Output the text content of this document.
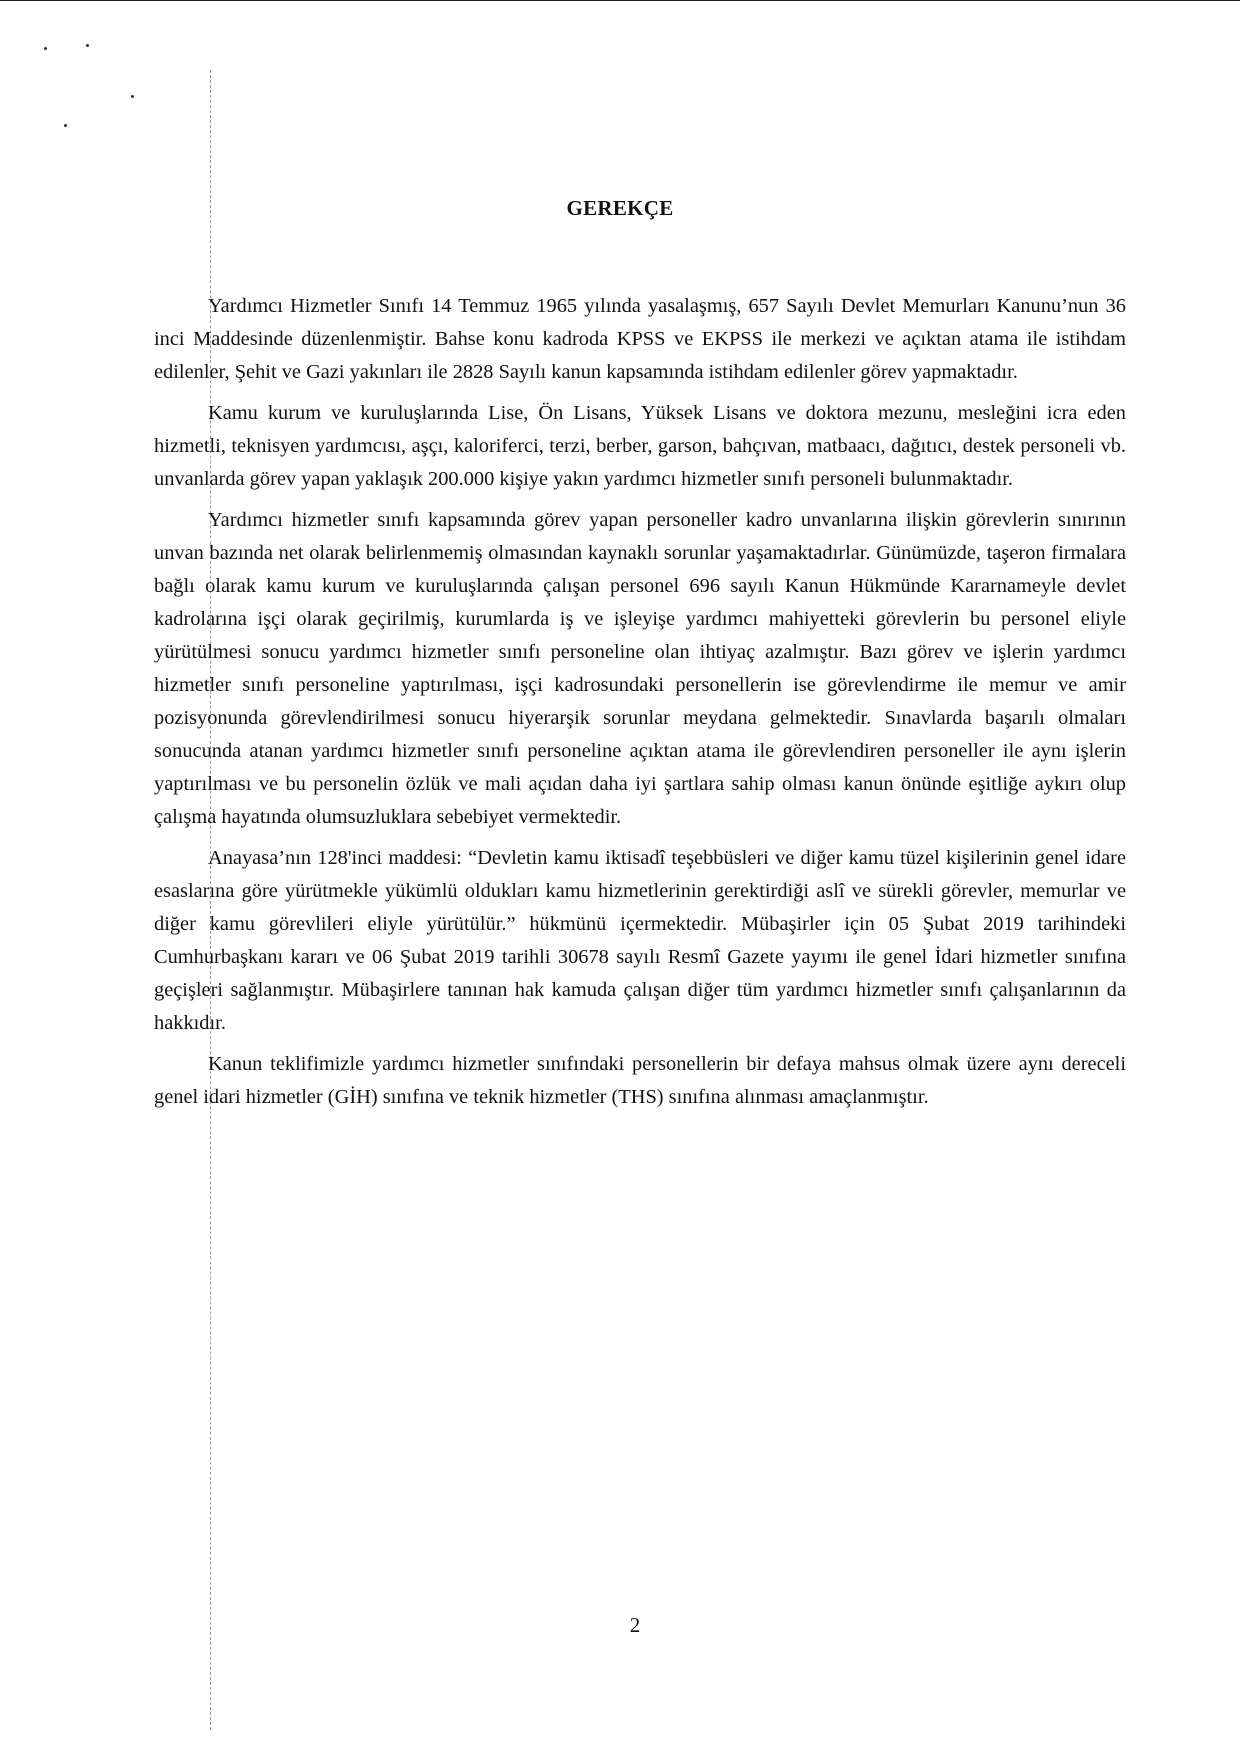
GEREKÇE

Yardımcı Hizmetler Sınıfı 14 Temmuz 1965 yılında yasalaşmış, 657 Sayılı Devlet Memurları Kanunu’nun 36 inci Maddesinde düzenlenmiştir. Bahse konu kadroda KPSS ve EKPSS ile merkezi ve açıktan atama ile istihdam edilenler, Şehit ve Gazi yakınları ile 2828 Sayılı kanun kapsamında istihdam edilenler görev yapmaktadır.

Kamu kurum ve kuruluşlarında Lise, Ön Lisans, Yüksek Lisans ve doktora mezunu, mesleğini icra eden hizmetli, teknisyen yardımcısı, aşçı, kaloriferci, terzi, berber, garson, bahçıvan, matbaacı, dağıtıcı, destek personeli vb. unvanlarda görev yapan yaklaşık 200.000 kişiye yakın yardımcı hizmetler sınıfı personeli bulunmaktadır.

Yardımcı hizmetler sınıfı kapsamında görev yapan personeller kadro unvanlarına ilişkin görevlerin sınırının unvan bazında net olarak belirlenmemiş olmasından kaynaklı sorunlar yaşamaktadırlar. Günümüzde, taşeron firmalara bağlı olarak kamu kurum ve kuruluşlarında çalışan personel 696 sayılı Kanun Hükmünde Kararnameyle devlet kadrolarına işçi olarak geçirilmiş, kurumlarda iş ve işleyişe yardımcı mahiyetteki görevlerin bu personel eliyle yürütülmesi sonucu yardımcı hizmetler sınıfı personeline olan ihtiyaç azalmıştır. Bazı görev ve işlerin yardımcı hizmetler sınıfı personeline yaptırılması, işçi kadrosundaki personellerin ise görevlendirme ile memur ve amir pozisyonunda görevlendirilmesi sonucu hiyerarşik sorunlar meydana gelmektedir. Sınavlarda başarılı olmaları sonucunda atanan yardımcı hizmetler sınıfı personeline açıktan atama ile görevlendiren personeller ile aynı işlerin yaptırılması ve bu personelin özlük ve mali açıdan daha iyi şartlara sahip olması kanun önünde eşitliğe aykırı olup çalışma hayatında olumsuzluklara sebebiyet vermektedir.

Anayasa’nın 128'inci maddesi: “Devletin kamu iktisadî teşebbüsleri ve diğer kamu tüzel kişilerinin genel idare esaslarına göre yürütmekle yükümlü oldukları kamu hizmetlerinin gerektirdiği aslî ve sürekli görevler, memurlar ve diğer kamu görevlileri eliyle yürütülür.” hükmünü içermektedir. Mübaşirler için 05 Şubat 2019 tarihindeki Cumhurbaşkanı kararı ve 06 Şubat 2019 tarihli 30678 sayılı Resmî Gazete yayımı ile genel İdari hizmetler sınıfına geçişleri sağlanmıştır. Mübaşirlere tanınan hak kamuda çalışan diğer tüm yardımcı hizmetler sınıfı çalışanlarının da hakkıdır.

Kanun teklifimizle yardımcı hizmetler sınıfındaki personellerin bir defaya mahsus olmak üzere aynı dereceli genel idari hizmetler (GİH) sınıfına ve teknik hizmetler (THS) sınıfına alınması amaçlanmıştır.

2
